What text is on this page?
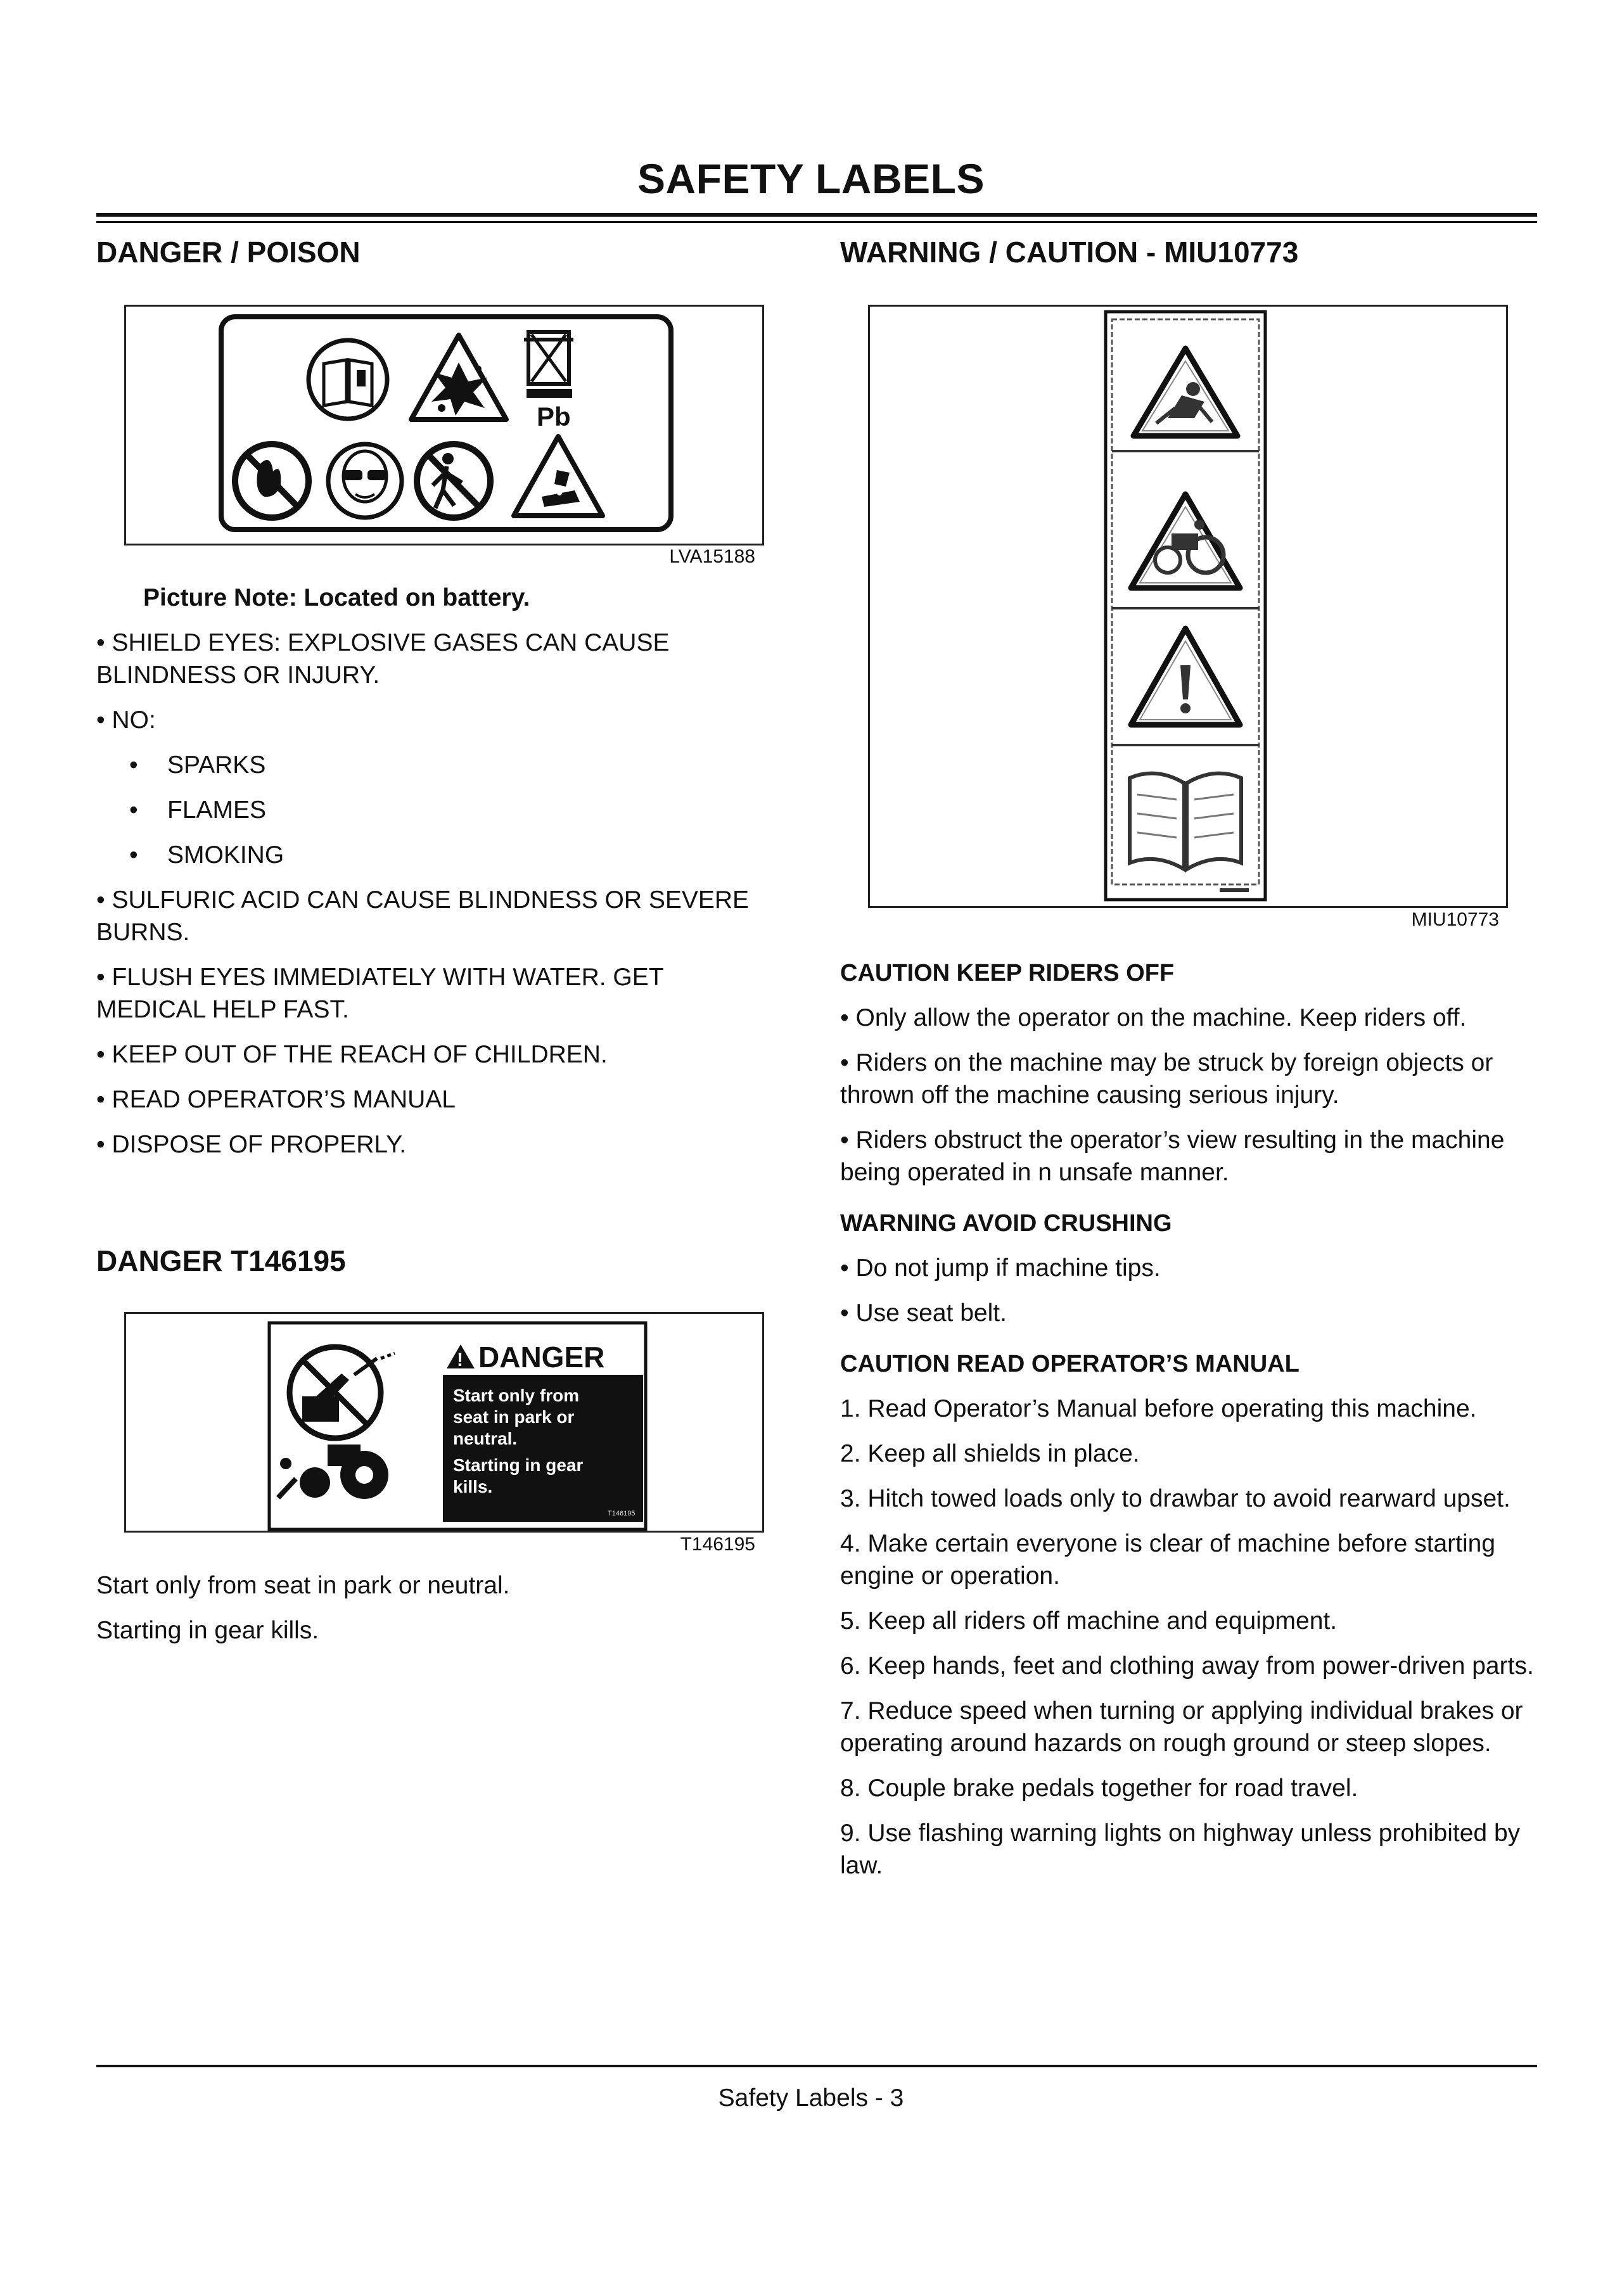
SAFETY LABELS
DANGER / POISON
Pb
LVA15188

Picture Note: Located on battery.

• SHIELD EYES: EXPLOSIVE GASES CAN CAUSE BLINDNESS OR INJURY.

• NO:

• SPARKS

• FLAMES

• SMOKING

• SULFURIC ACID CAN CAUSE BLINDNESS OR SEVERE BURNS.

• FLUSH EYES IMMEDIATELY WITH WATER. GET MEDICAL HELP FAST.

• KEEP OUT OF THE REACH OF CHILDREN.

• READ OPERATOR’S MANUAL

• DISPOSE OF PROPERLY.

DANGER T146195
! DANGER
Start only from
seat in park or
neutral.
Starting in gear
kills.
T146195
T146195

Start only from seat in park or neutral.

Starting in gear kills.

WARNING / CAUTION - MIU10773
MIU10773

CAUTION KEEP RIDERS OFF

• Only allow the operator on the machine. Keep riders off.

• Riders on the machine may be struck by foreign objects or thrown off the machine causing serious injury.

• Riders obstruct the operator’s view resulting in the machine being operated in n unsafe manner.

WARNING AVOID CRUSHING

• Do not jump if machine tips.

• Use seat belt.

CAUTION READ OPERATOR’S MANUAL

1. Read Operator’s Manual before operating this machine.

2. Keep all shields in place.

3. Hitch towed loads only to drawbar to avoid rearward upset.

4. Make certain everyone is clear of machine before starting engine or operation.

5. Keep all riders off machine and equipment.

6. Keep hands, feet and clothing away from power-driven parts.

7. Reduce speed when turning or applying individual brakes or operating around hazards on rough ground or steep slopes.

8. Couple brake pedals together for road travel.

9. Use flashing warning lights on highway unless prohibited by law.

Safety Labels - 3
